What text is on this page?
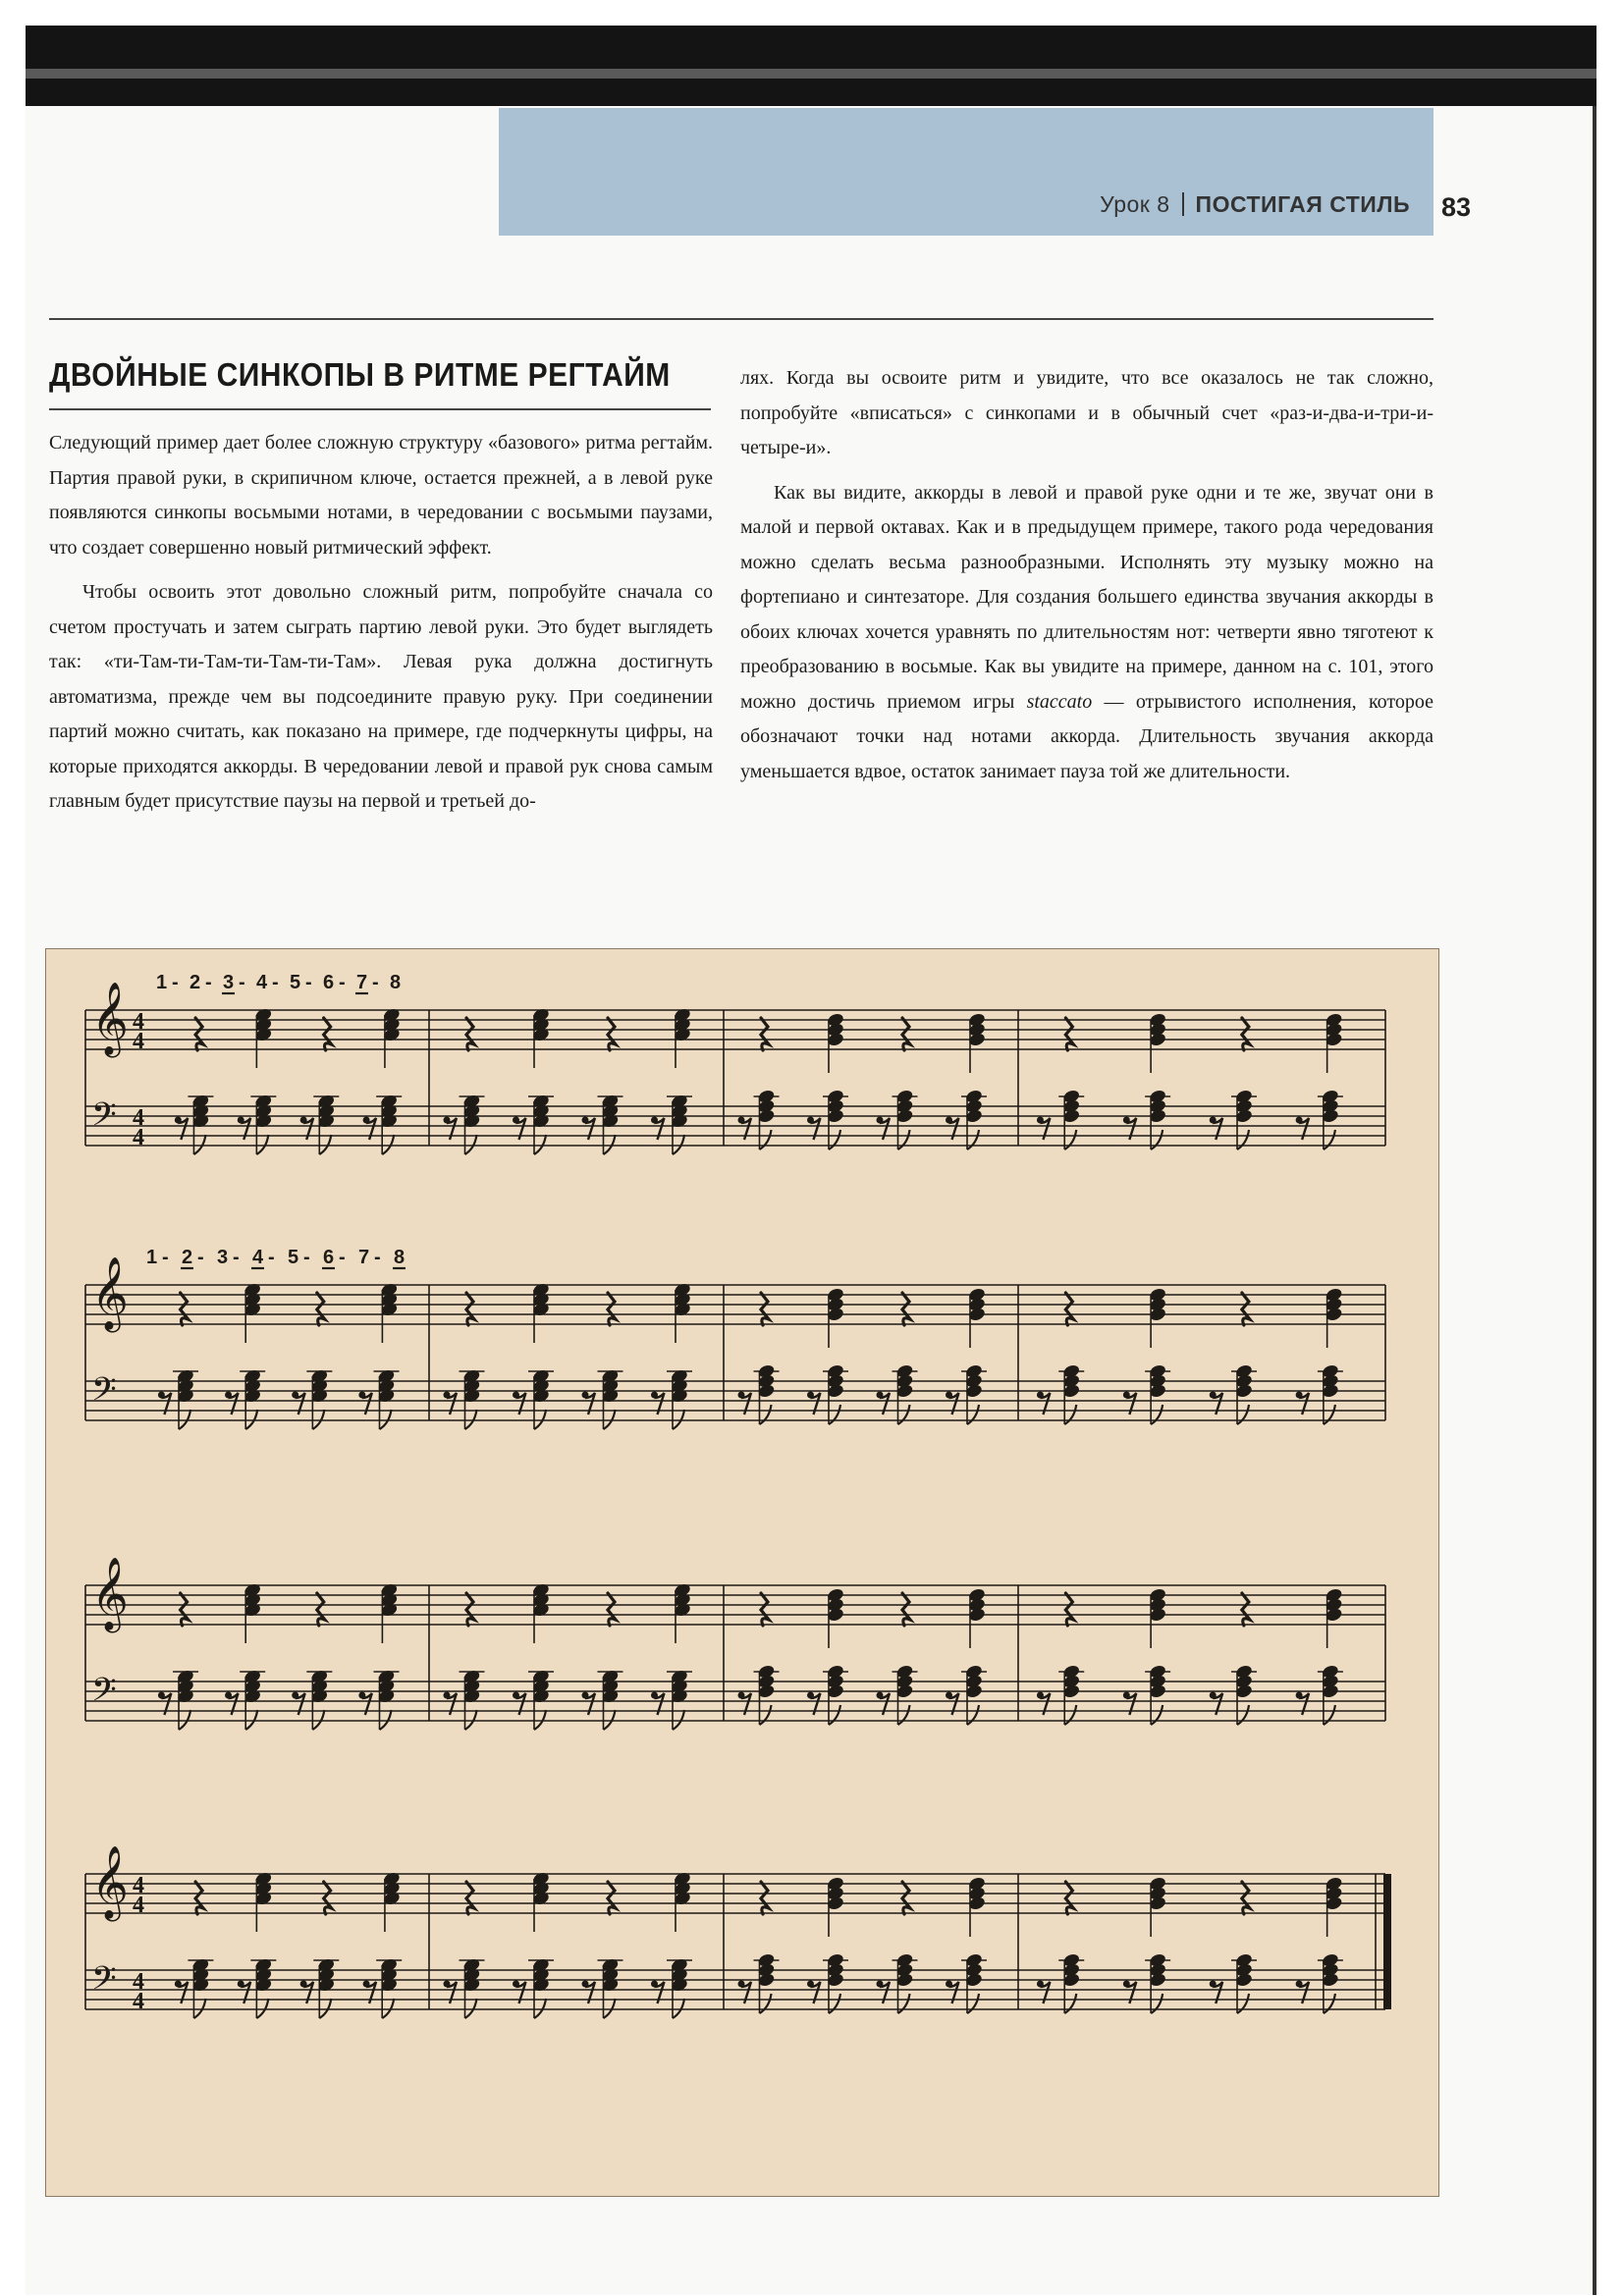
Урок 8 ПОСТИГАЯ СТИЛЬ 83
ДВОЙНЫЕ СИНКОПЫ В РИТМЕ РЕГТАЙМ

Следующий пример дает более сложную структуру «базового» ритма регтайм. Партия правой руки, в скрипичном ключе, остается прежней, а в левой руке появляются синкопы восьмыми нотами, в чередовании с восьмыми паузами, что создает совершенно новый ритмический эффект.

Чтобы освоить этот довольно сложный ритм, попробуйте сначала со счетом простучать и затем сыграть партию левой руки. Это будет выглядеть так: «ти-Там-ти-Там-ти-Там-ти-Там». Левая рука должна достигнуть автоматизма, прежде чем вы подсоедините правую руку. При соединении партий можно считать, как показано на примере, где подчеркнуты цифры, на которые приходятся аккорды. В чередовании левой и правой рук снова самым главным будет присутствие паузы на первой и третьей до-

лях. Когда вы освоите ритм и увидите, что все оказалось не так сложно, попробуйте «вписаться» с синкопами и в обычный счет «раз-и-два-и-три-и-четыре-и».

Как вы видите, аккорды в левой и правой руке одни и те же, звучат они в малой и первой октавах. Как и в предыдущем примере, такого рода чередования можно сделать весьма разнообразными. Исполнять эту музыку можно на фортепиано и синтезаторе. Для создания большего единства звучания аккорды в обоих ключах хочется уравнять по длительностям нот: четверти явно тяготеют к преобразованию в восьмые. Как вы увидите на примере, данном на с. 101, этого можно достичь приемом игры staccato — отрывистого исполнения, которое обозначают точки над нотами аккорда. Длительность звучания аккорда уменьшается вдвое, остаток занимает пауза той же длительности.

𝄞
𝄢
4
4
4
4
1 - 2 - 3 - 4 - 5 - 6 - 7 - 8
𝄞
𝄢
1 - 2 - 3 - 4 - 5 - 6 - 7 - 8
𝄞
𝄢
𝄞
𝄢
4
4
4
4
